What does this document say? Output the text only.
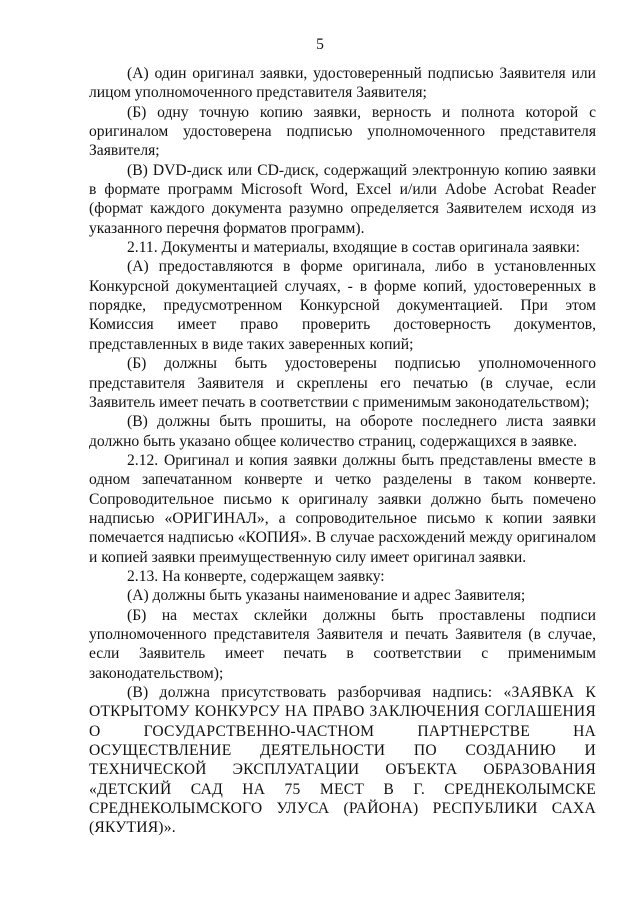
5

(А) один оригинал заявки, удостоверенный подписью Заявителя или лицом уполномоченного представителя Заявителя;

(Б) одну точную копию заявки, верность и полнота которой с оригиналом удостоверена подписью уполномоченного представителя Заявителя;

(В) DVD-диск или CD-диск, содержащий электронную копию заявки в формате программ Microsoft Word, Excel и/или Adobe Acrobat Reader (формат каждого документа разумно определяется Заявителем исходя из указанного перечня форматов программ).

2.11. Документы и материалы, входящие в состав оригинала заявки:

(А) предоставляются в форме оригинала, либо в установленных Конкурсной документацией случаях, - в форме копий, удостоверенных в порядке, предусмотренном Конкурсной документацией. При этом Комиссия имеет право проверить достоверность документов, представленных в виде таких заверенных копий;

(Б) должны быть удостоверены подписью уполномоченного представителя Заявителя и скреплены его печатью (в случае, если Заявитель имеет печать в соответствии с применимым законодательством);

(В) должны быть прошиты, на обороте последнего листа заявки должно быть указано общее количество страниц, содержащихся в заявке.

2.12. Оригинал и копия заявки должны быть представлены вместе в одном запечатанном конверте и четко разделены в таком конверте. Сопроводительное письмо к оригиналу заявки должно быть помечено надписью «ОРИГИНАЛ», а сопроводительное письмо к копии заявки помечается надписью «КОПИЯ». В случае расхождений между оригиналом и копией заявки преимущественную силу имеет оригинал заявки.

2.13. На конверте, содержащем заявку:

(А) должны быть указаны наименование и адрес Заявителя;

(Б) на местах склейки должны быть проставлены подписи уполномоченного представителя Заявителя и печать Заявителя (в случае, если Заявитель имеет печать в соответствии с применимым законодательством);

(В) должна присутствовать разборчивая надпись: «ЗАЯВКА К ОТКРЫТОМУ КОНКУРСУ НА ПРАВО ЗАКЛЮЧЕНИЯ СОГЛАШЕНИЯ О ГОСУДАРСТВЕННО-ЧАСТНОМ ПАРТНЕРСТВЕ НА ОСУЩЕСТВЛЕНИЕ ДЕЯТЕЛЬНОСТИ ПО СОЗДАНИЮ И ТЕХНИЧЕСКОЙ ЭКСПЛУАТАЦИИ ОБЪЕКТА ОБРАЗОВАНИЯ «ДЕТСКИЙ САД НА 75 МЕСТ В Г. СРЕДНЕКОЛЫМСКЕ СРЕДНЕКОЛЫМСКОГО УЛУСА (РАЙОНА) РЕСПУБЛИКИ САХА (ЯКУТИЯ)».
